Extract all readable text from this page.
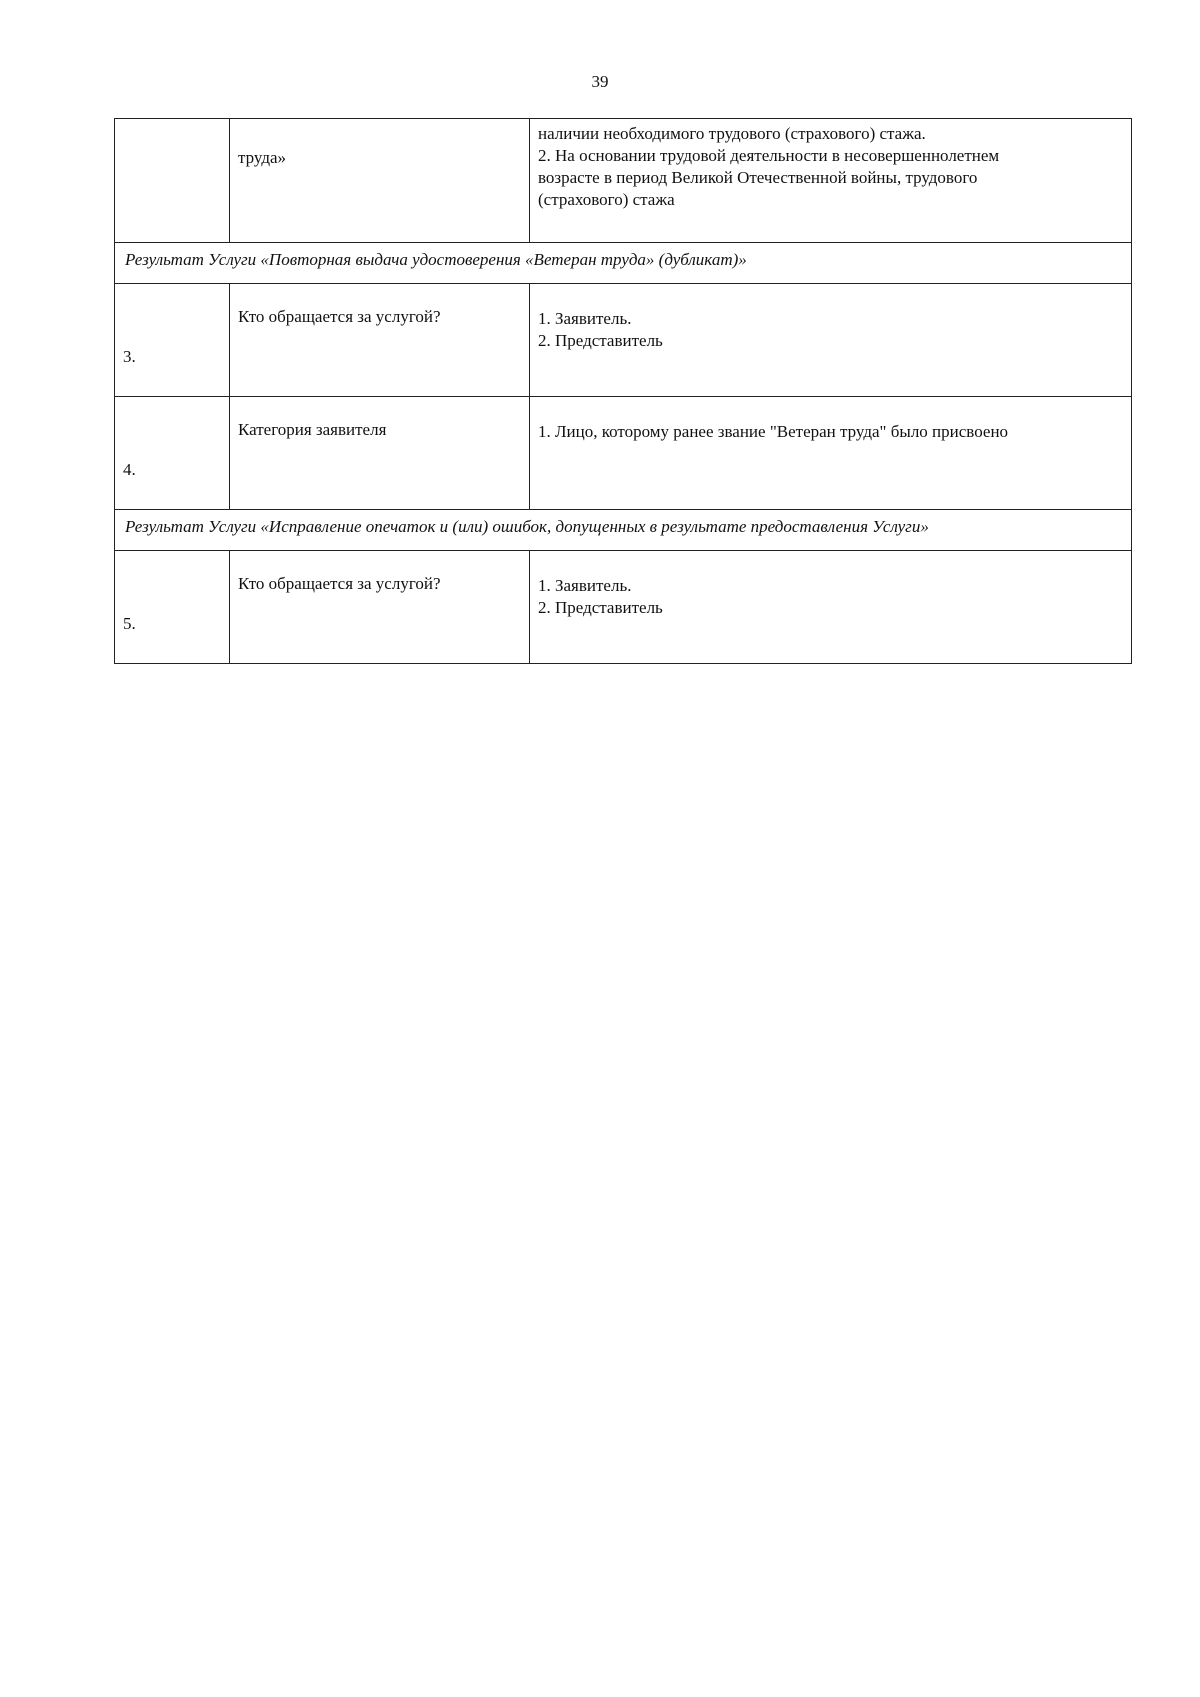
39
	труда»	наличии необходимого трудового (страхового) стажа.
2. На основании трудовой деятельности в несовершеннолетнем
возрасте в период Великой Отечественной войны, трудового
(страхового) стажа

Результат Услуги «Повторная выдача удостоверения «Ветеран труда» (дубликат)»		
3.	Кто обращается за услугой?	1. Заявитель.
2. Представитель

4.	Категория заявителя	1. Лицо, которому ранее звание "Ветеран труда" было присвоено

Результат Услуги «Исправление опечаток и (или) ошибок, допущенных в результате предоставления Услуги»		
5.	Кто обращается за услугой?	1. Заявитель.
2. Представитель
